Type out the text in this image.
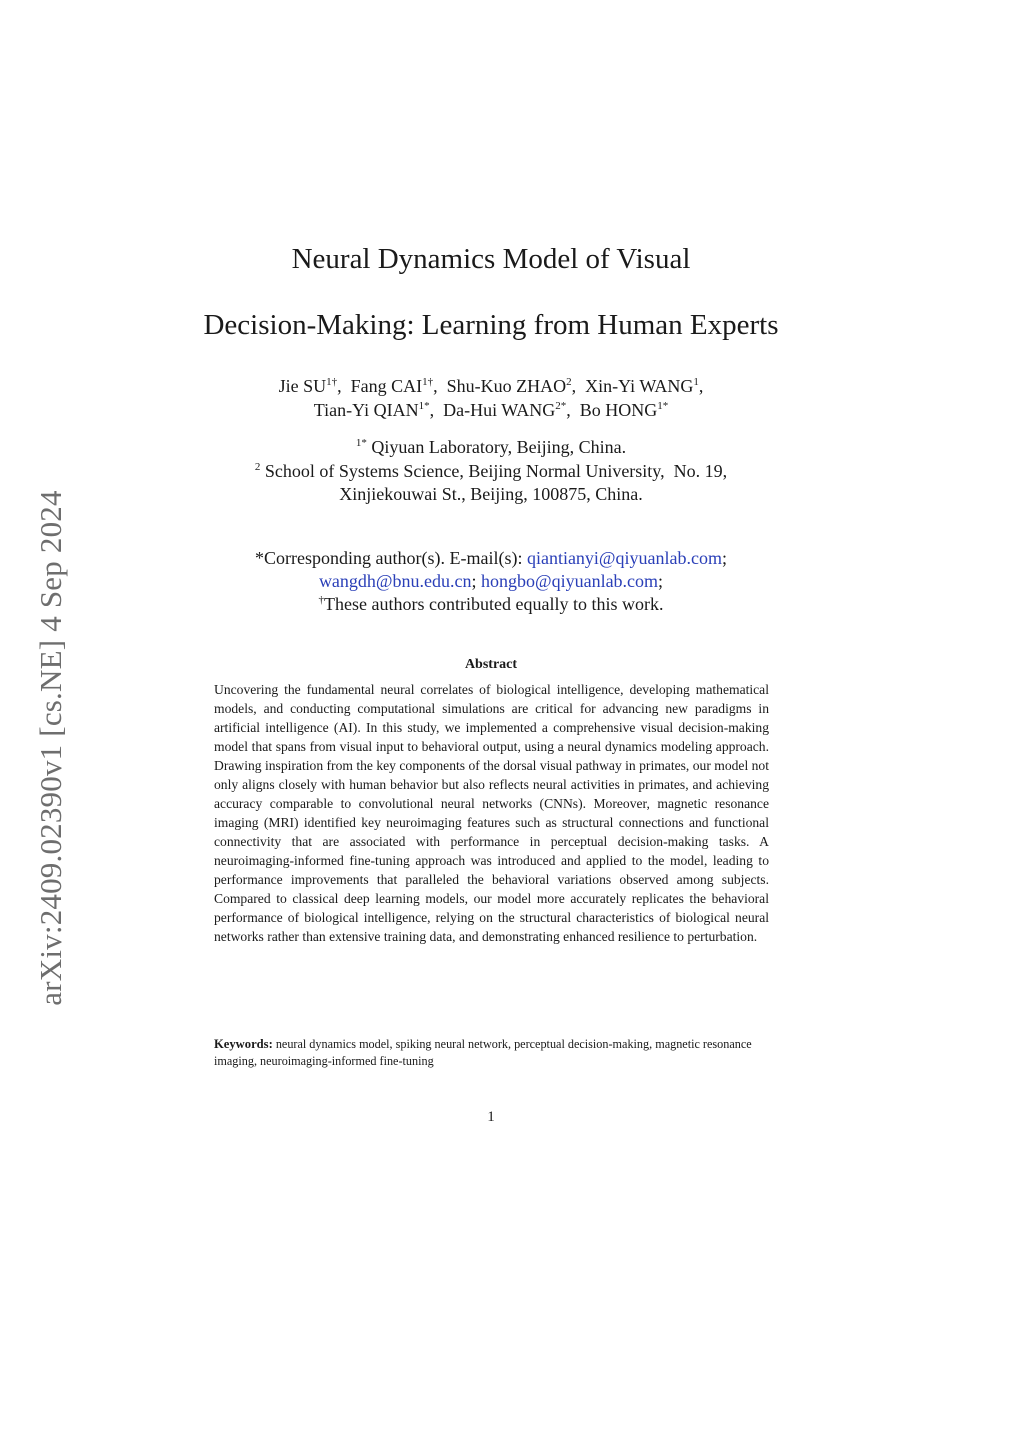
arXiv:2409.02390v1 [cs.NE] 4 Sep 2024
Neural Dynamics Model of Visual
Decision-Making: Learning from Human Experts
Jie $SU^{1\dagger}$,  Fang $CAI^{1\dagger}$,  Shu-Kuo ZHAO$^2$,  Xin-Yi WANG$^1$,
Tian-Yi $QIAN^{1*}$,  Da-Hui $WANG^{2*}$,  Bo $HONG^{1*}$
$^{1*}$ Qiyuan Laboratory, Beijing, China.
$^2$ School of Systems Science, Beijing Normal University,  No. 19,
Xinjiekouwai St., Beijing, 100875, China.
*Corresponding author(s). E-mail(s): qiantianyi@qiyuanlab.com;
wangdh@bnu.edu.cn; hongbo@qiyuanlab.com;
†These authors contributed equally to this work.
Abstract

Uncovering the fundamental neural correlates of biological intelligence, developing mathematical models, and conducting computational simulations are critical for advancing new paradigms in artificial intelligence (AI). In this study, we implemented a comprehensive visual decision-making model that spans from visual input to behavioral output, using a neural dynamics modeling approach. Drawing inspiration from the key components of the dorsal visual pathway in primates, our model not only aligns closely with human behavior but also reflects neural activities in primates, and achieving accuracy comparable to convolutional neural networks (CNNs). Moreover, magnetic resonance imaging (MRI) identified key neuroimaging features such as structural connections and functional connectivity that are associated with performance in perceptual decision-making tasks. A neuroimaging-informed fine-tuning approach was introduced and applied to the model, leading to performance improvements that paralleled the behavioral variations observed among subjects. Compared to classical deep learning models, our model more accurately replicates the behavioral performance of biological intelligence, relying on the structural characteristics of biological neural networks rather than extensive training data, and demonstrating enhanced resilience to perturbation.

Keywords: neural dynamics model, spiking neural network, perceptual decision-making, magnetic resonance imaging, neuroimaging-informed fine-tuning

1
